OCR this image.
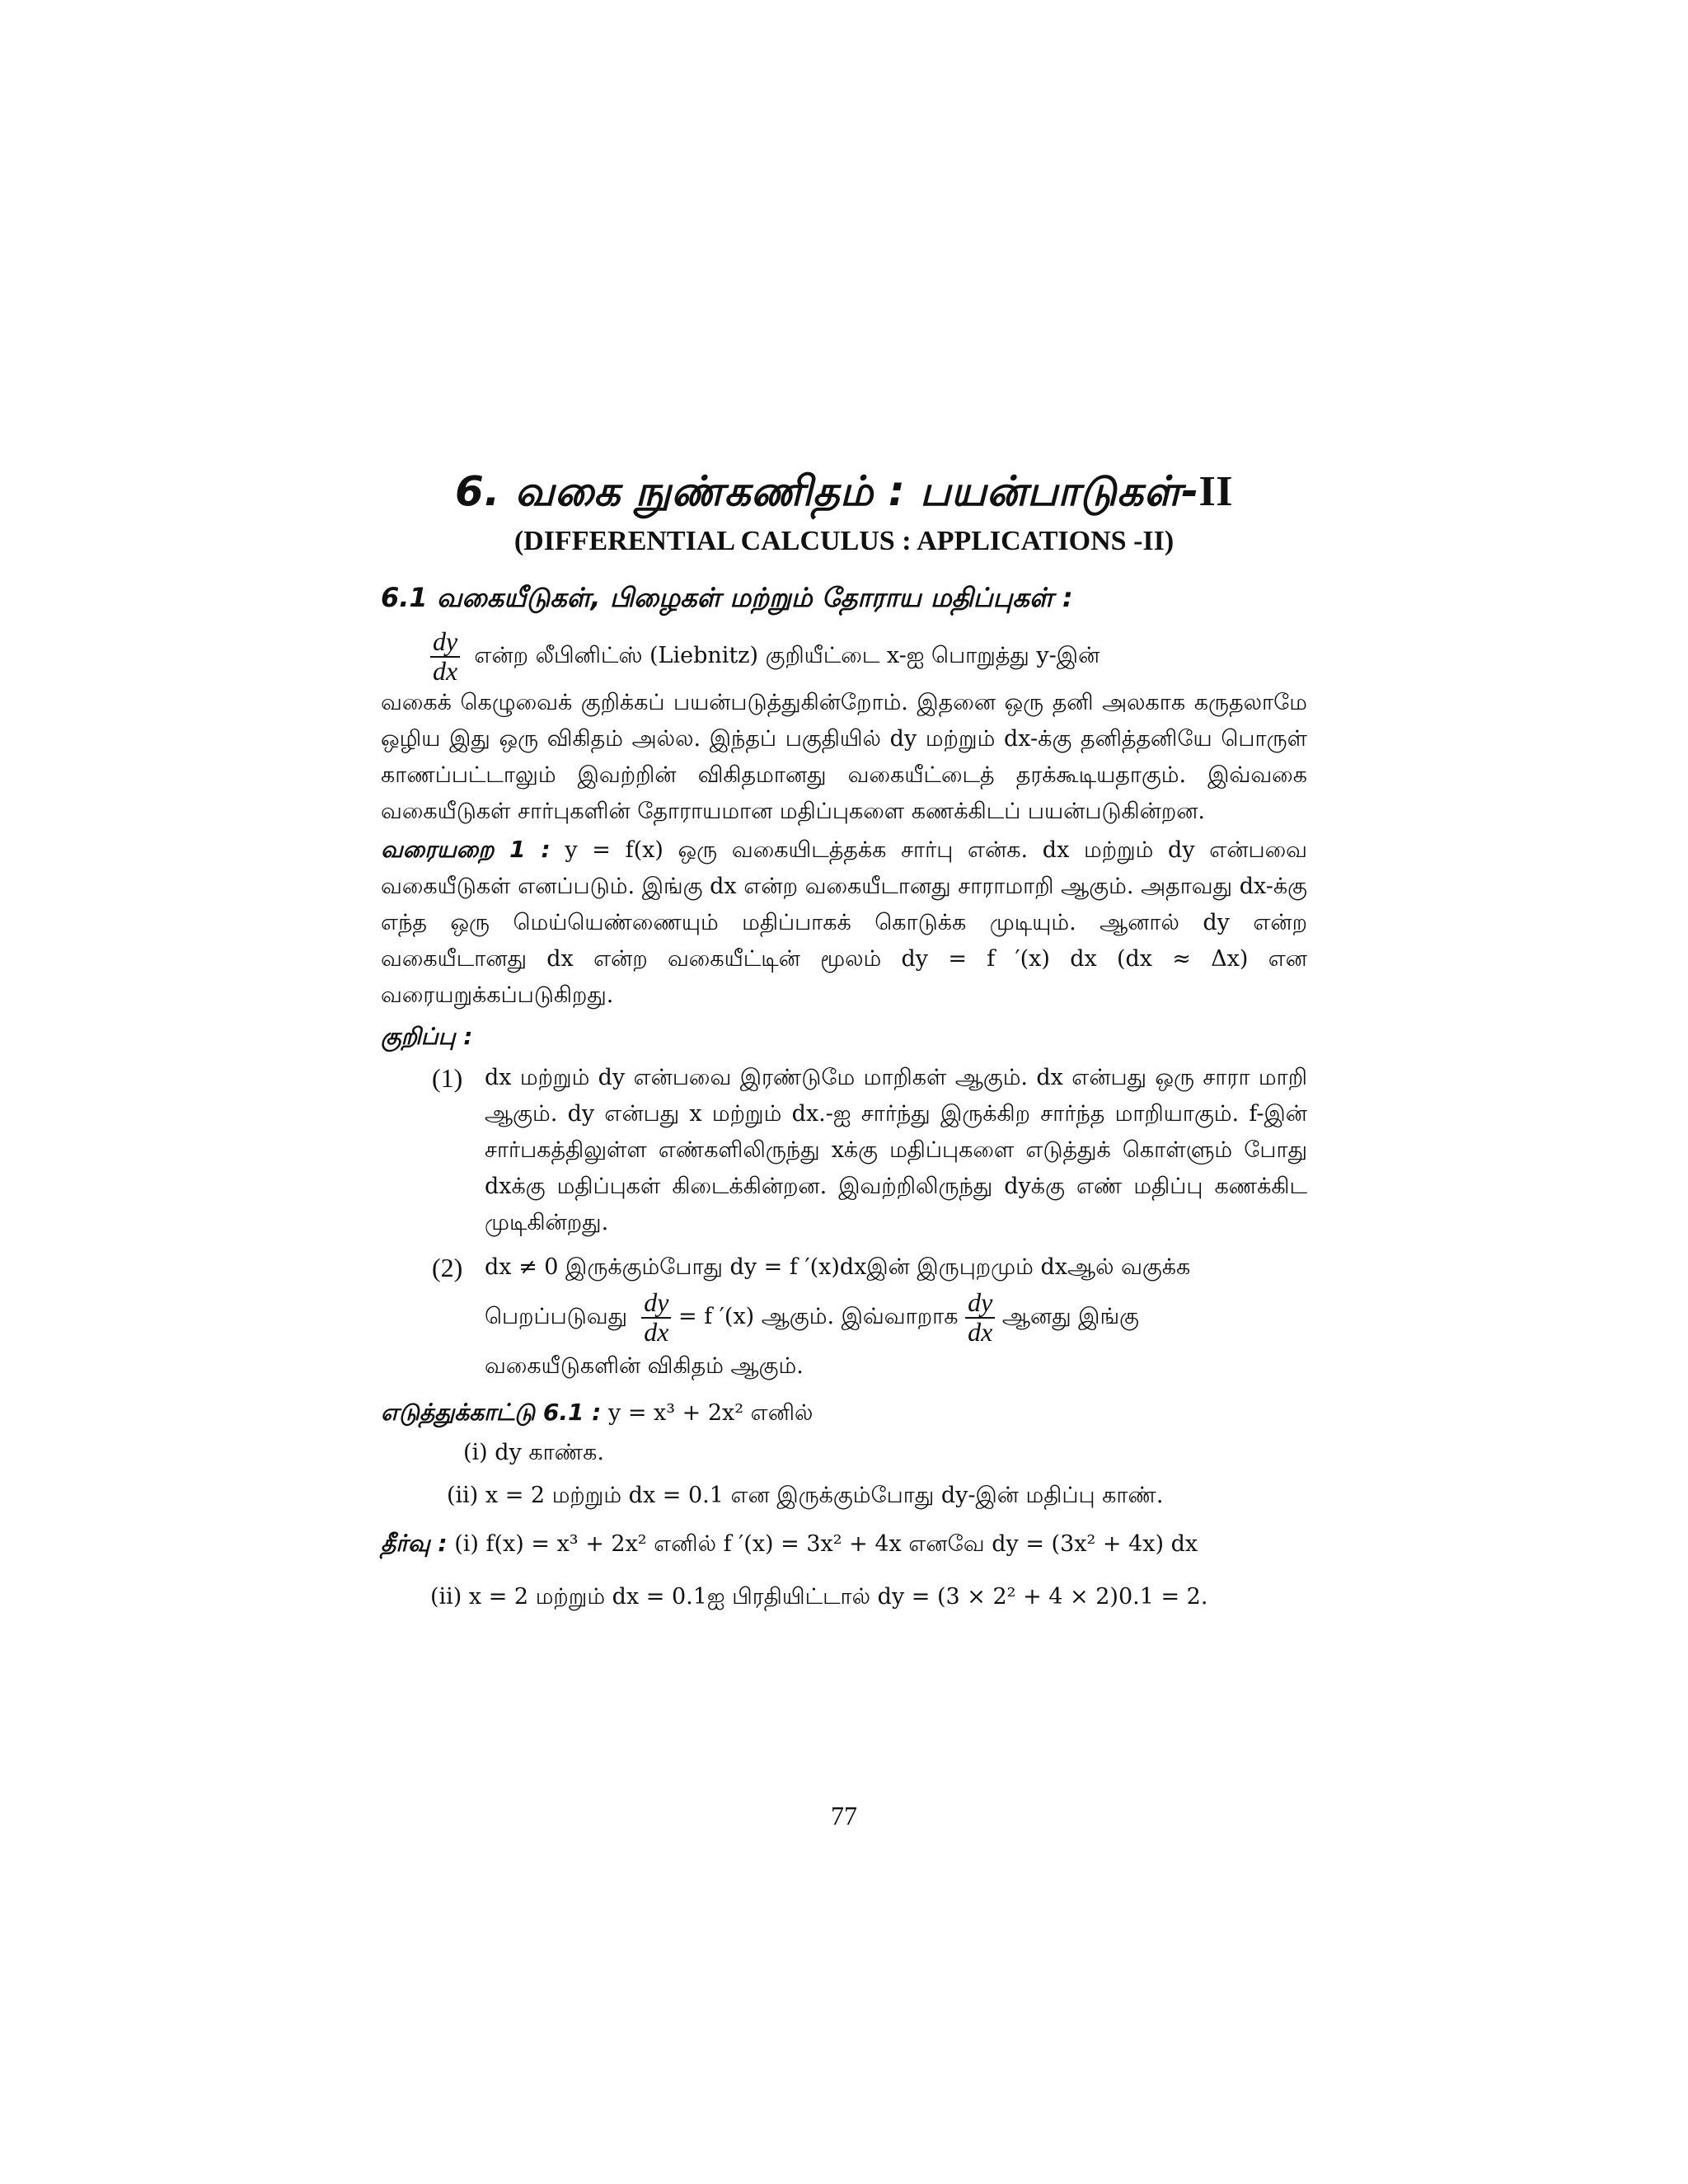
6. வகை நுண்கணிதம் : பயன்பாடுகள்-II
(DIFFERENTIAL CALCULUS : APPLICATIONS -II)
6.1 வகையீடுகள், பிழைகள் மற்றும் தோராய மதிப்புகள் :
$\frac{dy}{dx}$ என்ற லீபினிட்ஸ் (Liebnitz) குறியீட்டை x-ஐ பொறுத்து y-இன்

வகைக் கெழுவைக் குறிக்கப் பயன்படுத்துகின்றோம். இதனை ஒரு தனி அலகாக கருதலாமே ஒழிய இது ஒரு விகிதம் அல்ல. இந்தப் பகுதியில் dy மற்றும் dx-க்கு தனித்தனியே பொருள் காணப்பட்டாலும் இவற்றின் விகிதமானது வகையீட்டைத் தரக்கூடியதாகும். இவ்வகை வகையீடுகள் சார்புகளின் தோராயமான மதிப்புகளை கணக்கிடப் பயன்படுகின்றன.

வரையறை 1 : y = f(x) ஒரு வகையிடத்தக்க சார்பு என்க. dx மற்றும் dy என்பவை வகையீடுகள் எனப்படும். இங்கு dx என்ற வகையீடானது சாராமாறி ஆகும். அதாவது dx-க்கு எந்த ஒரு மெய்யெண்ணையும் மதிப்பாகக் கொடுக்க முடியும். ஆனால் dy என்ற வகையீடானது dx என்ற வகையீட்டின் மூலம் dy = f ′(x) dx (dx ≈ Δx) என வரையறுக்கப்படுகிறது.
குறிப்பு :
(1) dx மற்றும் dy என்பவை இரண்டுமே மாறிகள் ஆகும். dx என்பது ஒரு சாரா மாறி ஆகும். dy என்பது x மற்றும் dx.-ஐ சார்ந்து இருக்கிற சார்ந்த மாறியாகும். f-இன் சார்பகத்திலுள்ள எண்களிலிருந்து xக்கு மதிப்புகளை எடுத்துக் கொள்ளும் போது dxக்கு மதிப்புகள் கிடைக்கின்றன. இவற்றிலிருந்து dyக்கு எண் மதிப்பு கணக்கிட முடிகின்றது.

(2) dx ≠ 0 இருக்கும்போது dy = f ′(x)dxஇன் இருபுறமும் dxஆல் வகுக்க

பெறப்படுவது $\frac{dy}{dx} = f$ ′(x) ஆகும். இவ்வாறாக $\frac{dy}{dx}$ ஆனது இங்கு

வகையீடுகளின் விகிதம் ஆகும்.

எடுத்துக்காட்டு 6.1 : y = x³ + 2x² எனில்
(i) dy காண்க.
(ii) x = 2 மற்றும் dx = 0.1 என இருக்கும்போது dy-இன் மதிப்பு காண்.
தீர்வு : (i) f(x) = x³ + 2x² எனில் f ′(x) = 3x² + 4x எனவே dy = (3x² + 4x) dx
(ii) x = 2 மற்றும் dx = 0.1ஐ பிரதியிட்டால் dy = (3 × 2² + 4 × 2)0.1 = 2.
77
